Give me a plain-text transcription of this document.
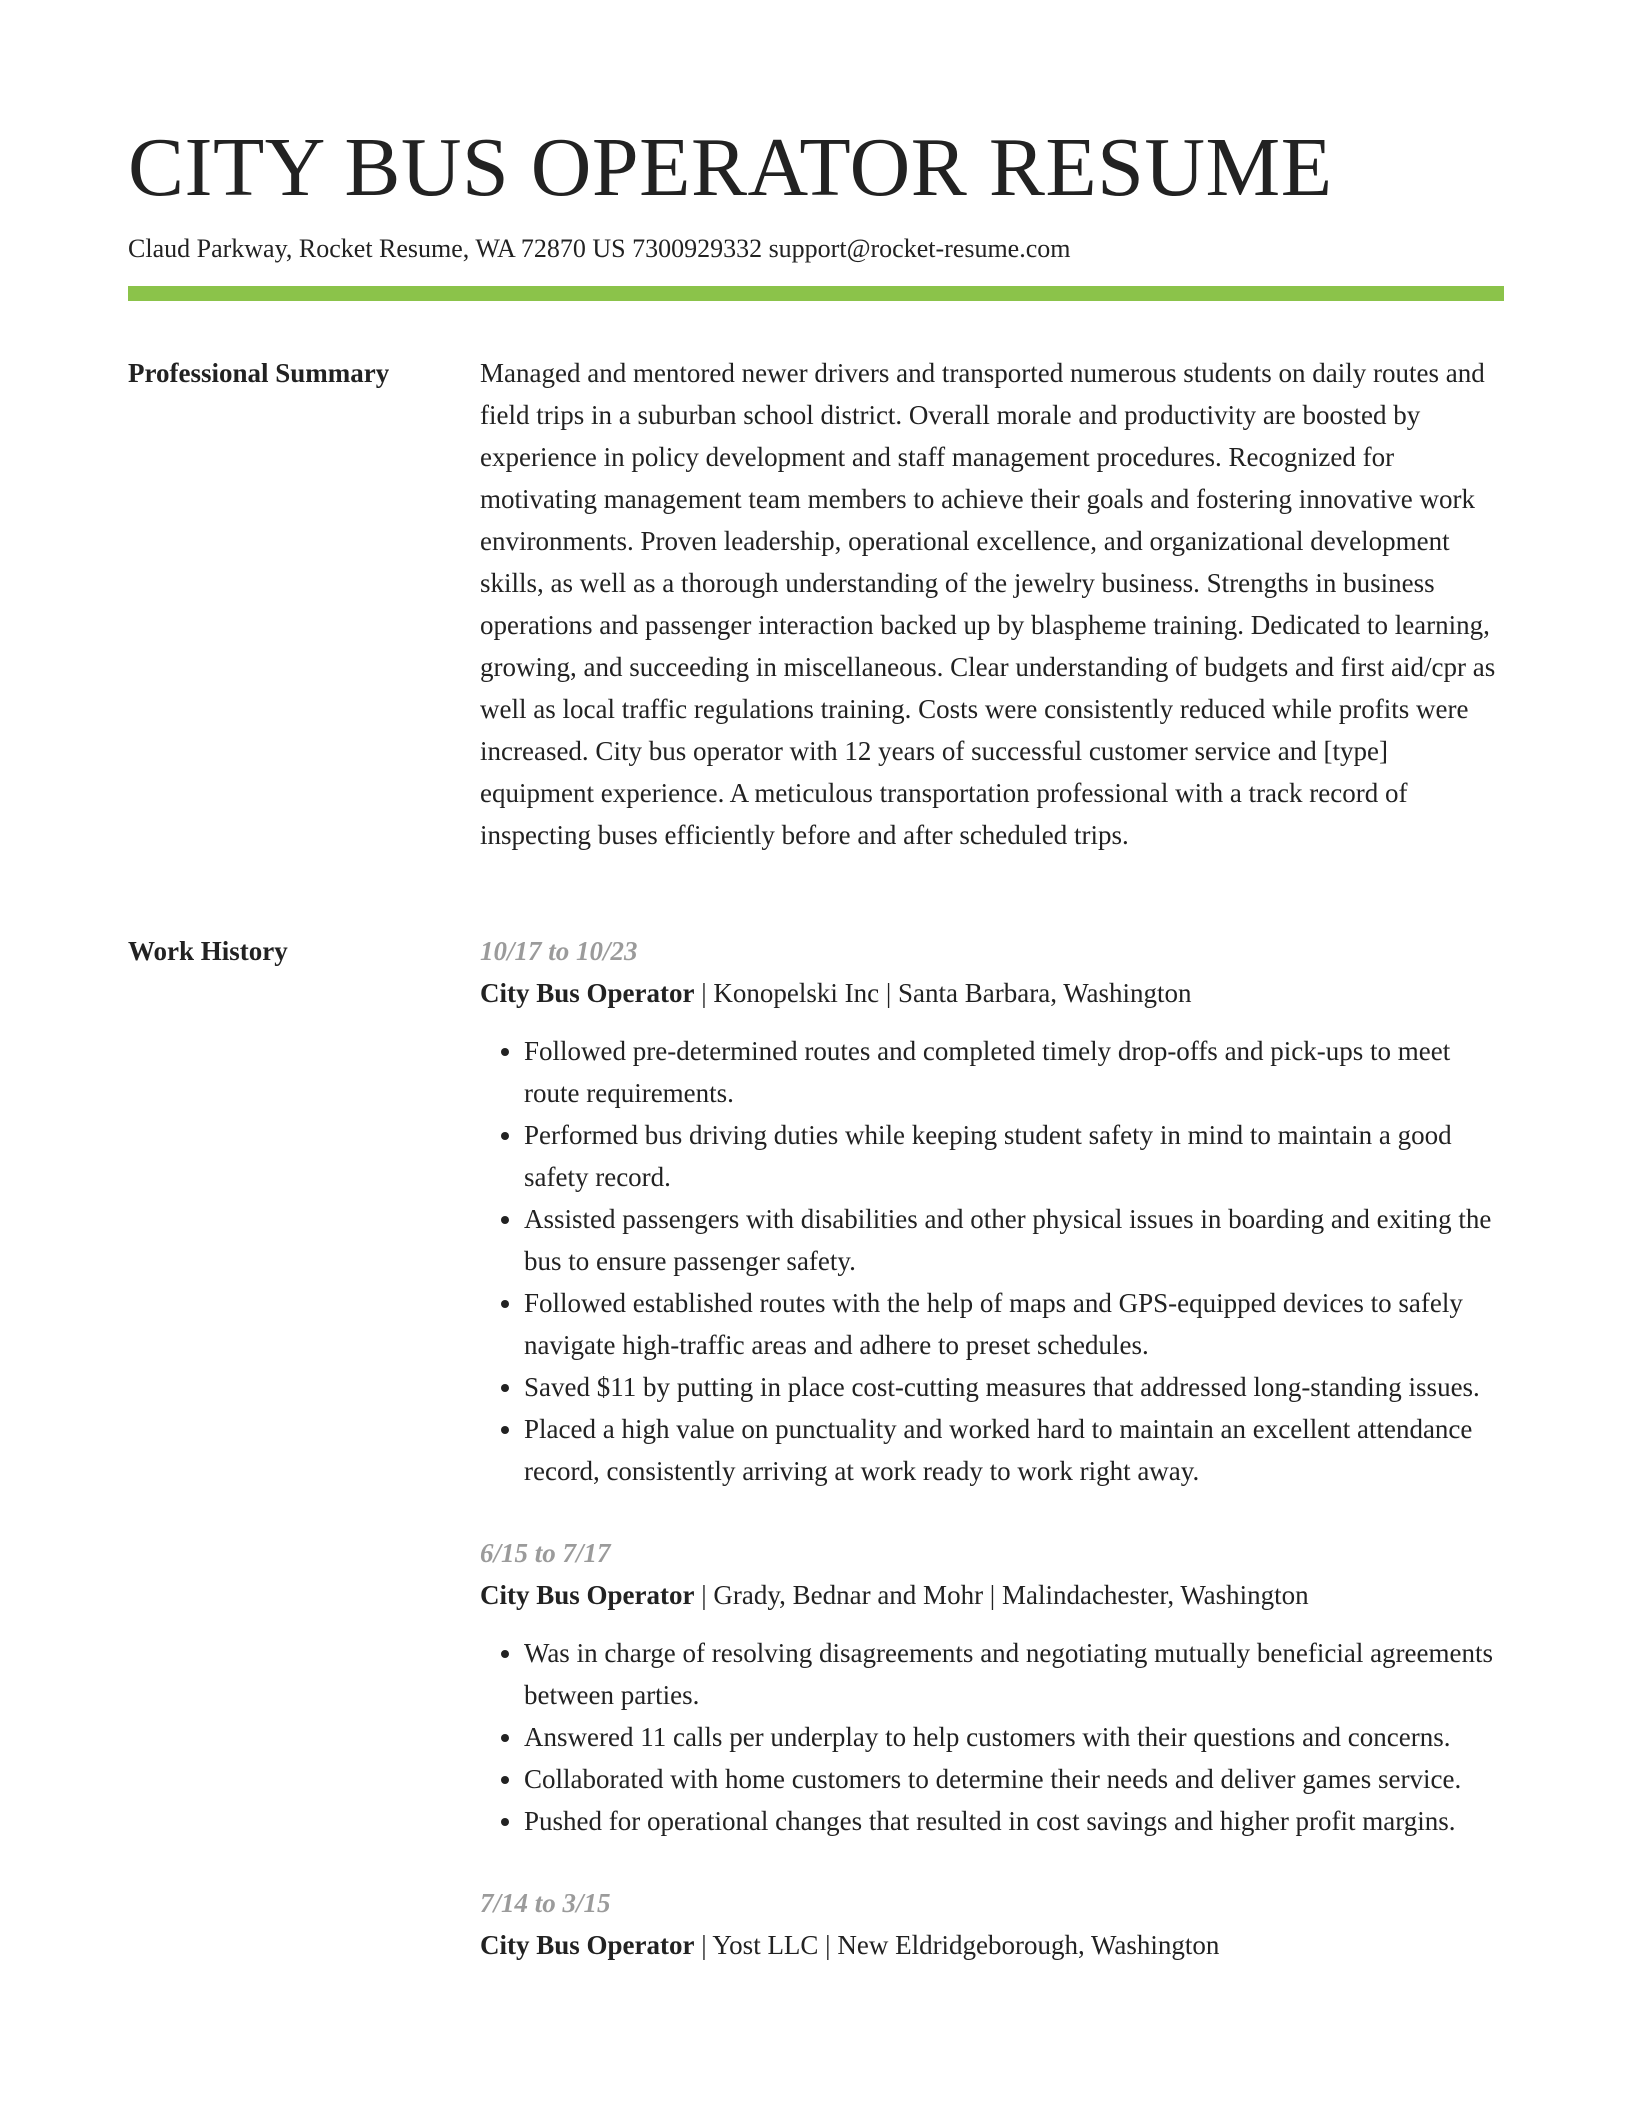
CITY BUS OPERATOR RESUME
Claud Parkway, Rocket Resume, WA 72870 US 7300929332 support@rocket-resume.com
Professional Summary	Managed and mentored newer drivers and transported numerous students on daily routes and field trips in a suburban school district. Overall morale and productivity are boosted by experience in policy development and staff management procedures. Recognized for motivating management team members to achieve their goals and fostering innovative work environments. Proven leadership, operational excellence, and organizational development skills, as well as a thorough understanding of the jewelry business. Strengths in business operations and passenger interaction backed up by blaspheme training. Dedicated to learning, growing, and succeeding in miscellaneous. Clear understanding of budgets and first aid/cpr as well as local traffic regulations training. Costs were consistently reduced while profits were increased. City bus operator with 12 years of successful customer service and [type] equipment experience. A meticulous transportation professional with a track record of inspecting buses efficiently before and after scheduled trips.

Work History	10/17 to 10/23
City Bus Operator | Konopelski Inc | Santa Barbara, Washington
• Followed pre-determined routes and completed timely drop-offs and pick-ups to meet route requirements.
• Performed bus driving duties while keeping student safety in mind to maintain a good safety record.
• Assisted passengers with disabilities and other physical issues in boarding and exiting the bus to ensure passenger safety.
• Followed established routes with the help of maps and GPS-equipped devices to safely navigate high-traffic areas and adhere to preset schedules.
• Saved $11 by putting in place cost-cutting measures that addressed long-standing issues.
• Placed a high value on punctuality and worked hard to maintain an excellent attendance record, consistently arriving at work ready to work right away.
6/15 to 7/17
City Bus Operator | Grady, Bednar and Mohr | Malindachester, Washington
• Was in charge of resolving disagreements and negotiating mutually beneficial agreements between parties.
• Answered 11 calls per underplay to help customers with their questions and concerns.
• Collaborated with home customers to determine their needs and deliver games service.
• Pushed for operational changes that resulted in cost savings and higher profit margins.
7/14 to 3/15
City Bus Operator | Yost LLC | New Eldridgeborough, Washington
